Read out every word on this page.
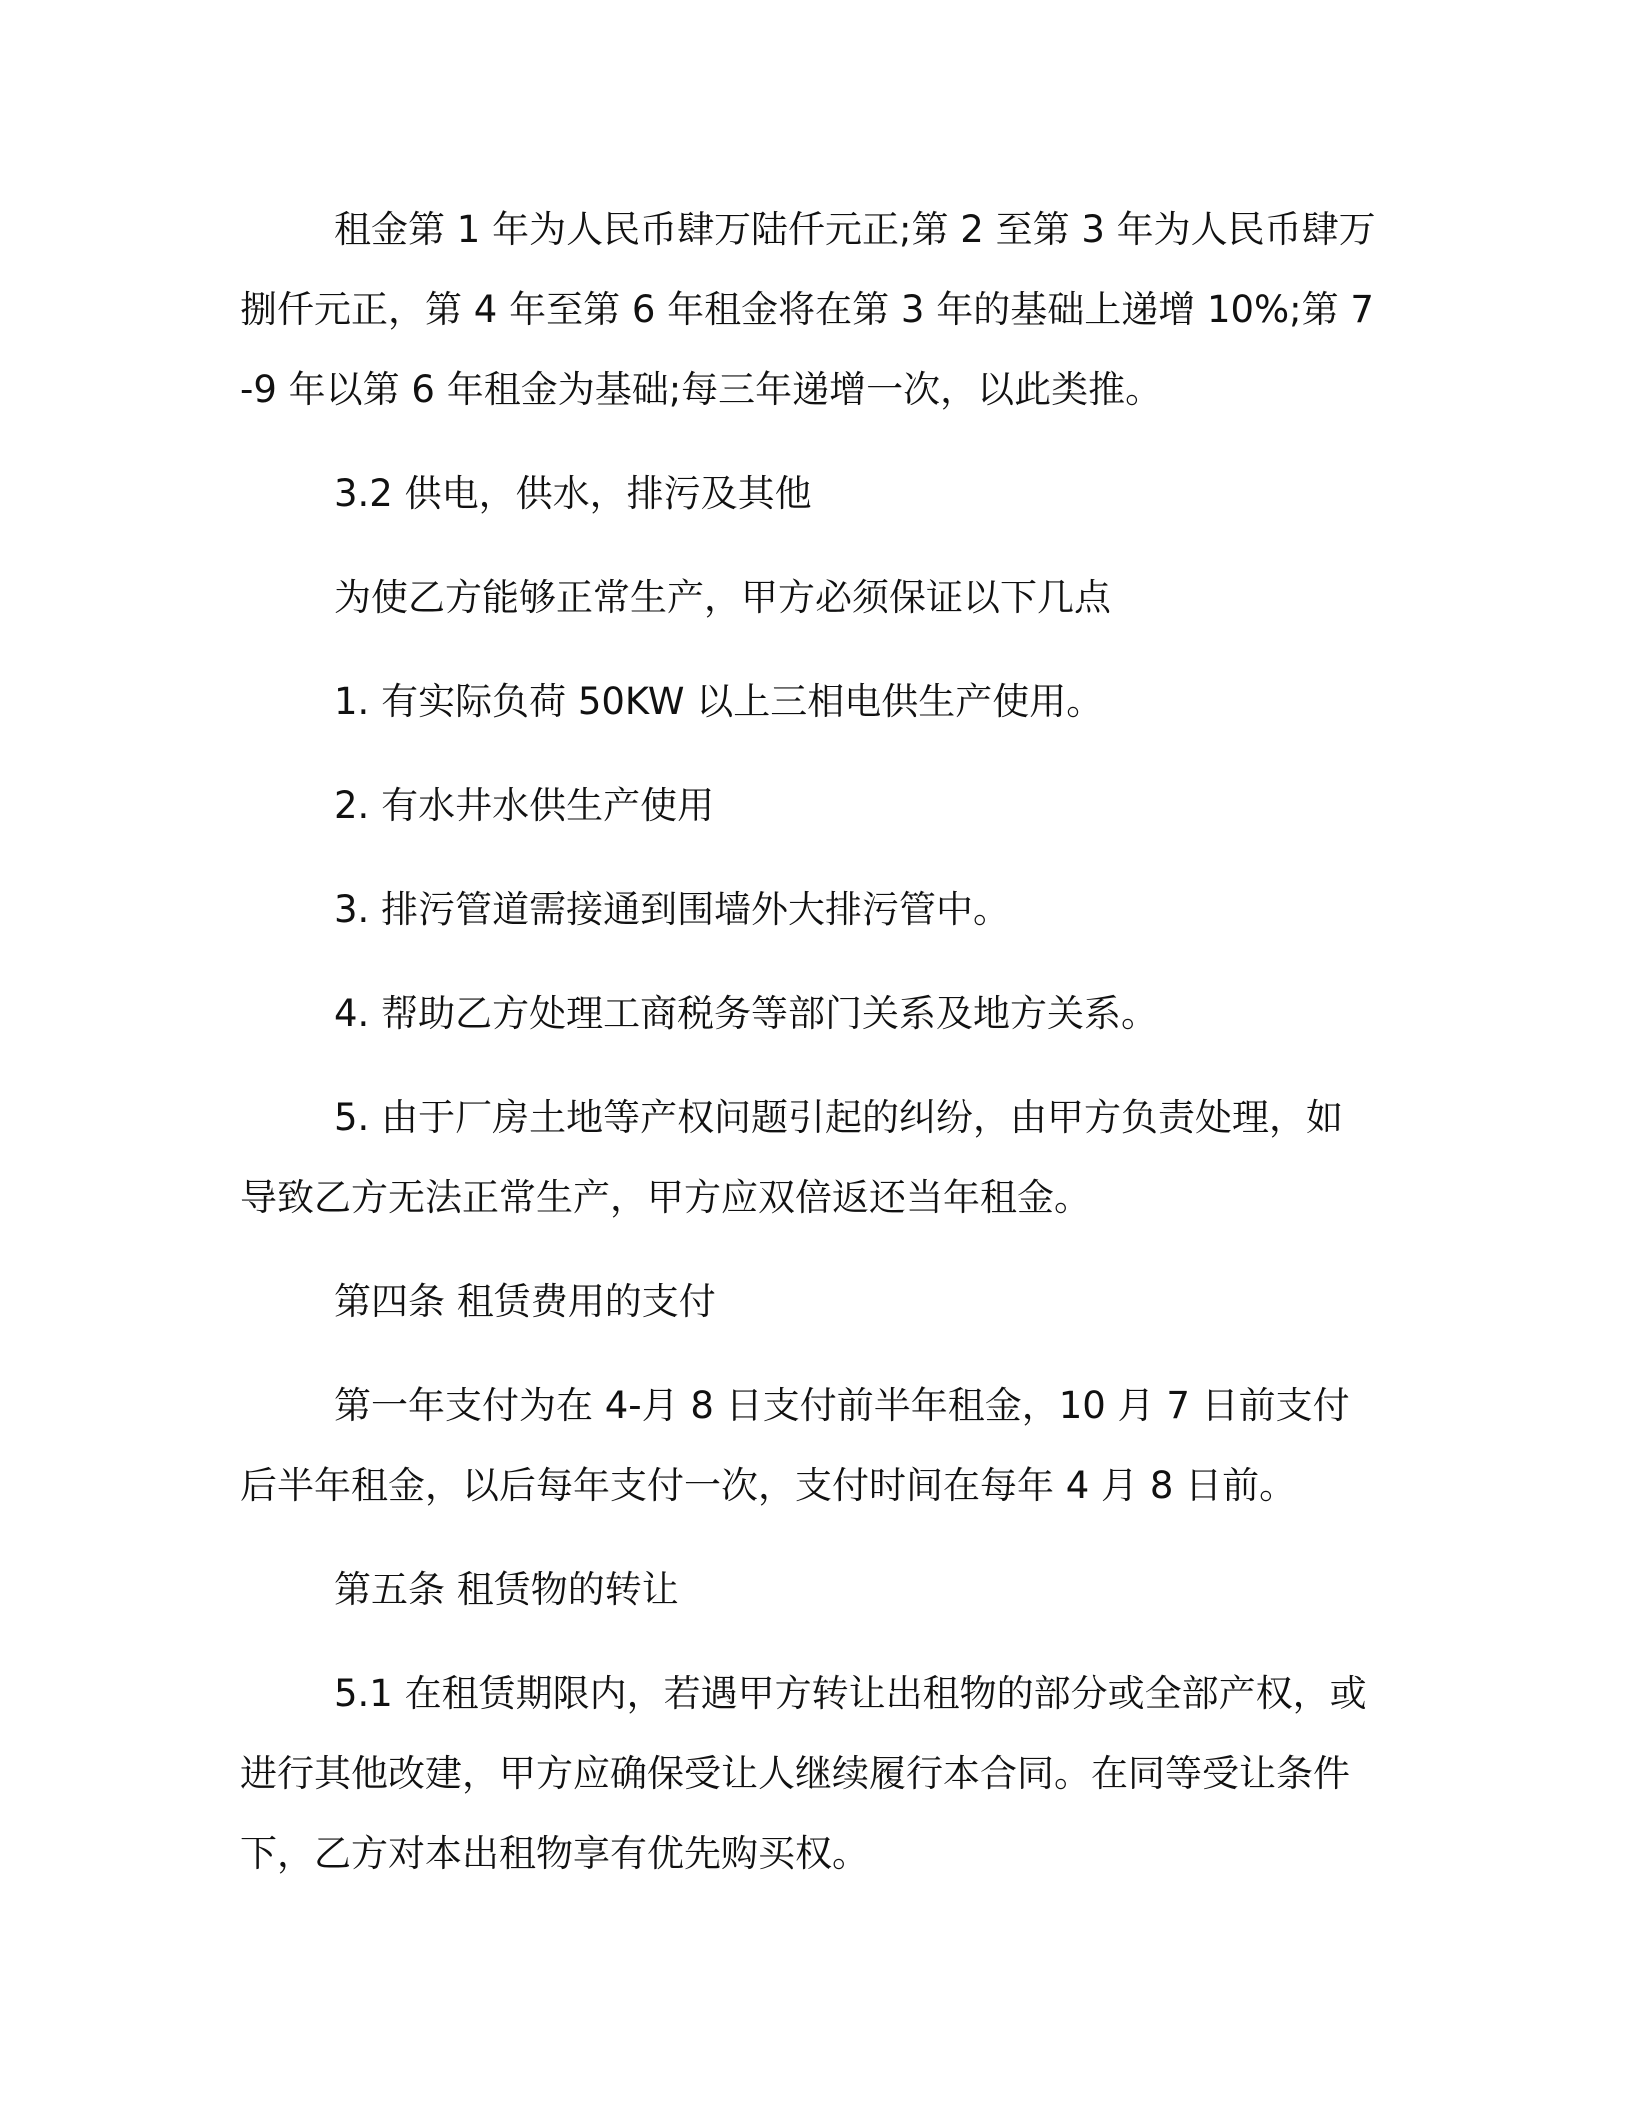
租金第 1 年为人民币肆万陆仟元正;第 2 至第 3 年为人民币肆万捌仟元正，第 4 年至第 6 年租金将在第 3 年的基础上递增 10%;第 7-9 年以第 6 年租金为基础;每三年递增一次，以此类推。

3.2 供电，供水，排污及其他

为使乙方能够正常生产，甲方必须保证以下几点

1. 有实际负荷 50KW 以上三相电供生产使用。

2. 有水井水供生产使用

3. 排污管道需接通到围墙外大排污管中。

4. 帮助乙方处理工商税务等部门关系及地方关系。

5. 由于厂房土地等产权问题引起的纠纷，由甲方负责处理，如导致乙方无法正常生产，甲方应双倍返还当年租金。

第四条 租赁费用的支付

第一年支付为在 4-月 8 日支付前半年租金，10 月 7 日前支付后半年租金，以后每年支付一次，支付时间在每年 4 月 8 日前。

第五条 租赁物的转让

5.1 在租赁期限内，若遇甲方转让出租物的部分或全部产权，或进行其他改建，甲方应确保受让人继续履行本合同。在同等受让条件下，乙方对本出租物享有优先购买权。
